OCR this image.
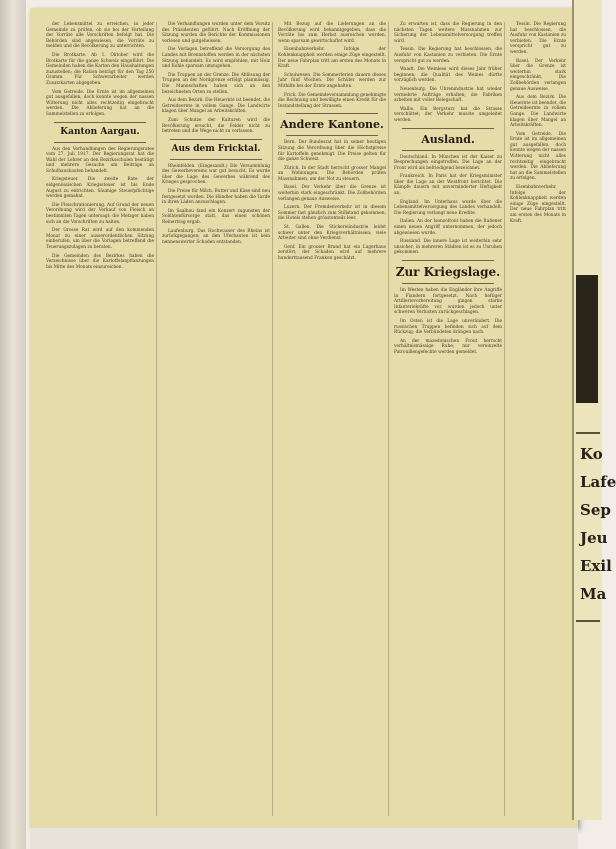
der Lebensmittel zu erreichen, in jeder Gemeinde zu prüfen, ob sie bei der Verteilung der Vorräte alle Vorschriften befolgt hat. Die Behörden sind angewiesen, die Vorräte zu melden und die Bevölkerung zu unterrichten.

Die Brotkarte. Ab 1. Oktober wird die Brotkarte für die ganze Schweiz eingeführt. Die Gemeinden haben die Karten den Haushaltungen zuzustellen; die Ration beträgt für den Tag 250 Gramm. Für Schwerarbeiter werden Zusatzkarten abgegeben.

Vom Getreide. Die Ernte ist im allgemeinen gut ausgefallen, doch konnte wegen der nassen Witterung nicht alles rechtzeitig eingebracht werden. Die Ablieferung hat an die Sammelstellen zu erfolgen.

Kanton Aargau.

Aus den Verhandlungen des Regierungsrates vom 27. Juli 1917. Der Regierungsrat hat die Wahl der Lehrer an den Bezirksschulen bestätigt und mehrere Gesuche um Beiträge an Schulhausbauten behandelt.

Kriegsteuer. Die zweite Rate der eidgenössischen Kriegssteuer ist bis Ende August zu entrichten. Säumige Steuerpflichtige werden gemahnt.

Die Fleischrationierung. Auf Grund der neuen Verordnung wird der Verkauf von Fleisch an bestimmten Tagen untersagt; die Metzger haben sich an die Vorschriften zu halten.

Der Grosse Rat wird auf den kommenden Monat zu einer ausserordentlichen Sitzung einberufen, um über die Vorlagen betreffend die Teuerungszulagen zu beraten.

Die Gemeinden des Bezirkes haben die Verzeichnisse über die Kartoffelanpflanzungen bis Mitte des Monats einzureichen.

Die Verhandlungen wurden unter dem Vorsitz des Präsidenten geführt. Nach Eröffnung der Sitzung wurden die Berichte der Kommissionen verlesen und gutgeheissen.

Die Vorlagen betreffend die Versorgung des Landes mit Brennstoffen werden in der nächsten Sitzung behandelt. Es wird empfohlen, mit Holz und Kohle sparsam umzugehen.

Die Truppen an der Grenze. Die Ablösung der Truppen an der Nordgrenze erfolgt planmässig. Die Mannschaften haben sich an den bezeichneten Orten zu stellen.

Aus dem Bezirk. Die Heuernte ist beendet, die Getreideernte in vollem Gange. Die Landwirte klagen über Mangel an Arbeitskräften.

Zum Schutze der Kulturen wird die Bevölkerung ersucht, die Felder nicht zu betreten und die Wege nicht zu verlassen.

Aus dem Fricktal.

Rheinfelden. (Eingesandt.) Die Versammlung des Gewerbevereins war gut besucht. Es wurde über die Lage des Gewerbes während des Krieges gesprochen.

Die Preise für Milch, Butter und Käse sind neu festgesetzt worden. Die Händler haben die Tarife in ihren Läden anzuschlagen.

Im Saalbau fand ein Konzert zugunsten der Soldatenfürsorge statt, das einen schönen Reinertrag ergab.

Laufenburg. Das Hochwasser des Rheins ist zurückgegangen; an den Uferbauten ist kein nennenswerter Schaden entstanden.

Mit Bezug auf die Lieferungen an die Bevölkerung wird bekanntgegeben, dass die Vorräte bis zum Herbst ausreichen werden, wenn sparsam gewirtschaftet wird.

Eisenbahnverkehr. Infolge der Kohlenknappheit werden einige Züge eingestellt. Der neue Fahrplan tritt am ersten des Monats in Kraft.

Schulwesen. Die Sommerferien dauern dieses Jahr fünf Wochen. Die Schüler werden zur Mithilfe bei der Ernte angehalten.

Frick. Die Gemeindeversammlung genehmigte die Rechnung und bewilligte einen Kredit für die Instandstellung der Strassen.

Andere Kantone.

Bern. Der Bundesrat hat in seiner heutigen Sitzung die Verordnung über die Höchstpreise für Kartoffeln genehmigt. Die Preise gelten für die ganze Schweiz.

Zürich. In der Stadt herrscht grosser Mangel an Wohnungen. Die Behörden prüfen Massnahmen, um der Not zu steuern.

Basel. Der Verkehr über die Grenze ist weiterhin stark eingeschränkt. Die Zollbehörden verlangen genaue Ausweise.

Luzern. Der Fremdenverkehr ist in diesem Sommer fast gänzlich zum Stillstand gekommen; die Hotels stehen grösstenteils leer.

St. Gallen. Die Stickereiindustrie leidet schwer unter den Kriegsverhältnissen; viele Arbeiter sind ohne Verdienst.

Genf. Ein grosser Brand hat ein Lagerhaus zerstört; der Schaden wird auf mehrere hunderttausend Franken geschätzt.

Zu erwarten ist, dass die Regierung in den nächsten Tagen weitere Massnahmen zur Sicherung der Lebensmittelversorgung treffen wird.

Tessin. Die Regierung hat beschlossen, die Ausfuhr von Kastanien zu verbieten. Die Ernte verspricht gut zu werden.

Waadt. Die Weinlese wird dieses Jahr früher beginnen; die Qualität des Weines dürfte vorzüglich werden.

Neuenburg. Die Uhrenindustrie hat wieder vermehrte Aufträge erhalten; die Fabriken arbeiten mit voller Belegschaft.

Wallis. Ein Bergsturz hat die Strasse verschüttet; der Verkehr musste umgeleitet werden.

Ausland.

Deutschland. In München ist der Kaiser zu Besprechungen eingetroffen. Die Lage an der Front wird als befriedigend bezeichnet.

Frankreich. In Paris hat der Kriegsminister über die Lage an der Westfront berichtet. Die Kämpfe dauern mit unverminderter Heftigkeit an.

England. Im Unterhaus wurde über die Lebensmittelversorgung des Landes verhandelt. Die Regierung verlangt neue Kredite.

Italien. An der Isonzofront haben die Italiener einen neuen Angriff unternommen, der jedoch abgewiesen wurde.

Russland. Die innere Lage ist weiterhin sehr unsicher; in mehreren Städten ist es zu Unruhen gekommen.

Zur Kriegslage.

Im Westen haben die Engländer ihre Angriffe in Flandern fortgesetzt. Nach heftiger Artillerievorbereitung gingen starke Infanteriekräfte vor, wurden jedoch unter schweren Verlusten zurückgeschlagen.

Im Osten ist die Lage unverändert. Die russischen Truppen befinden sich auf dem Rückzug; die Verbündeten drängen nach.

An der mazedonischen Front herrscht verhältnismässige Ruhe; nur vereinzelte Patrouillengefechte werden gemeldet.

Tessin. Die Regierung hat beschlossen, die Ausfuhr von Kastanien zu verbieten. Die Ernte verspricht gut zu werden.

Basel. Der Verkehr über die Grenze ist weiterhin stark eingeschränkt. Die Zollbehörden verlangen genaue Ausweise.

Aus dem Bezirk. Die Heuernte ist beendet, die Getreideernte in vollem Gange. Die Landwirte klagen über Mangel an Arbeitskräften.

Vom Getreide. Die Ernte ist im allgemeinen gut ausgefallen, doch konnte wegen der nassen Witterung nicht alles rechtzeitig eingebracht werden. Die Ablieferung hat an die Sammelstellen zu erfolgen.

Eisenbahnverkehr. Infolge der Kohlenknappheit werden einige Züge eingestellt. Der neue Fahrplan tritt am ersten des Monats in Kraft.

Ko
Lafe
Sep
Jeu
Exil
Ma
